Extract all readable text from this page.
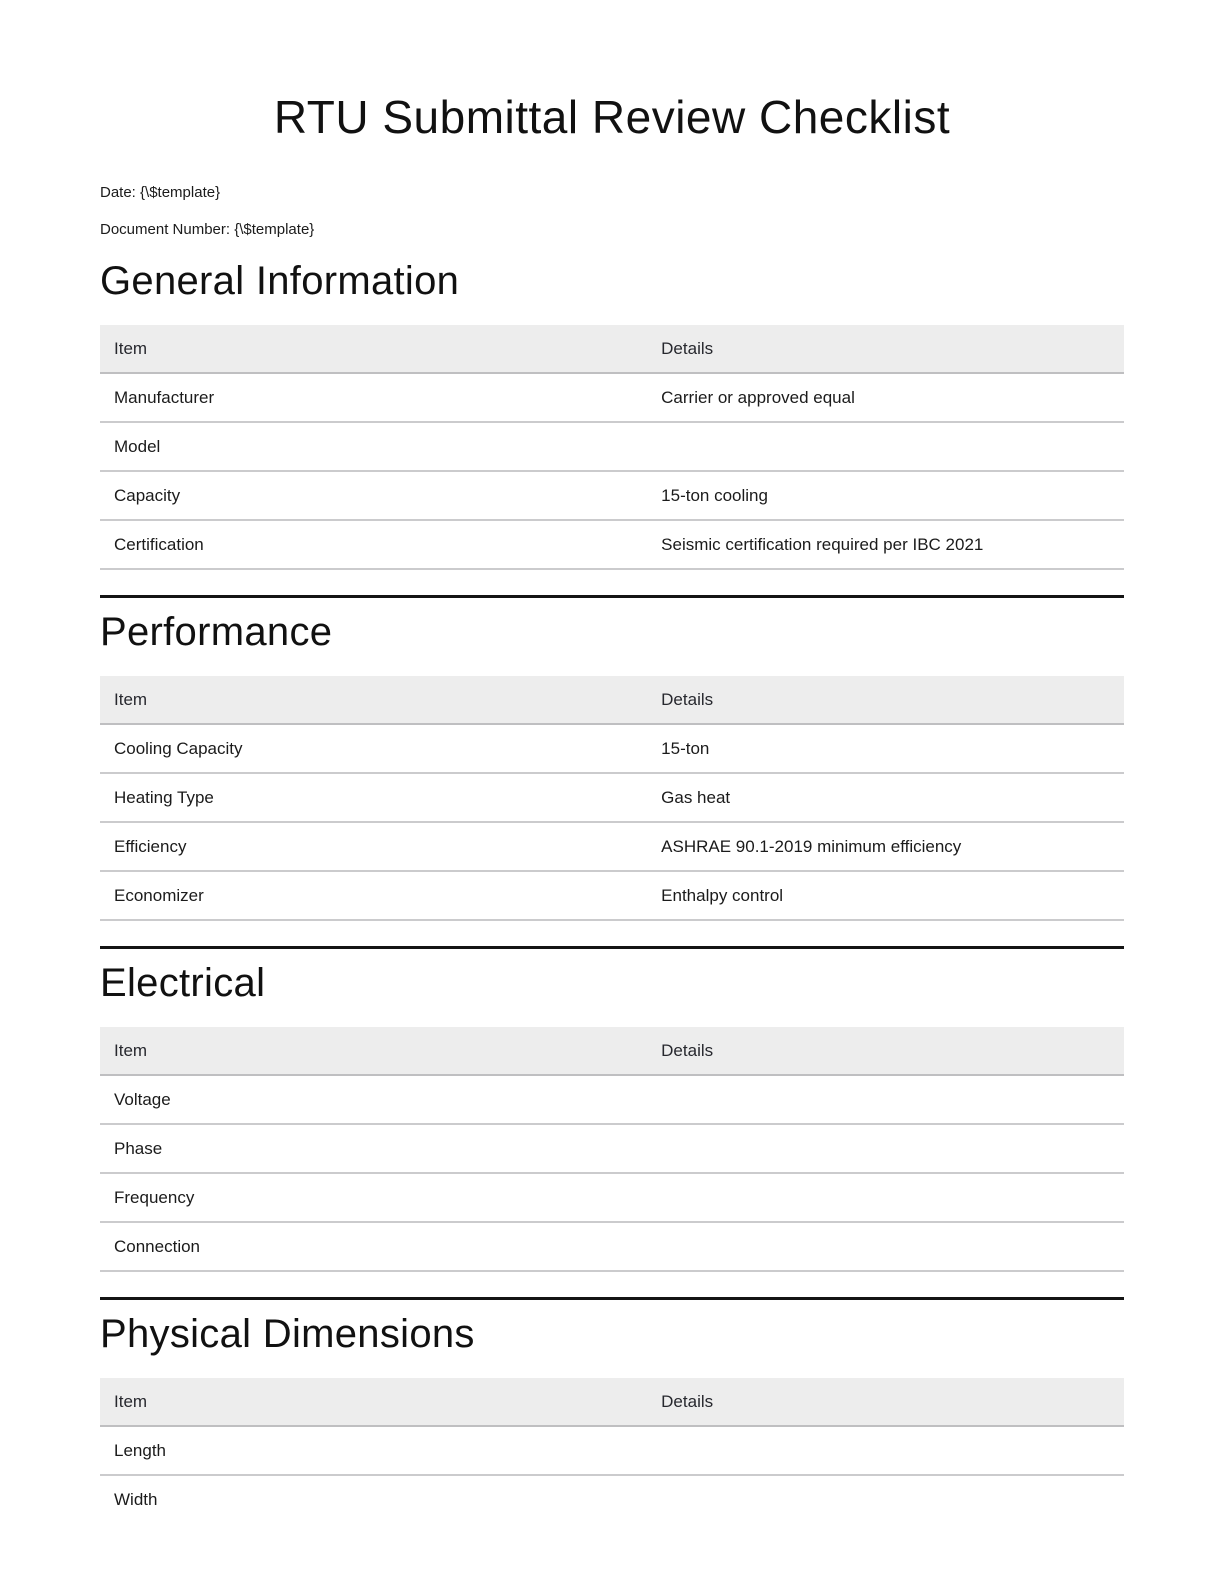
RTU Submittal Review Checklist

Date: {\$template}

Document Number: {\$template}

General Information
Item	Details
Manufacturer	Carrier or approved equal
Model	
Capacity	15-ton cooling
Certification	Seismic certification required per IBC 2021
Performance
Item	Details
Cooling Capacity	15-ton
Heating Type	Gas heat
Efficiency	ASHRAE 90.1-2019 minimum efficiency
Economizer	Enthalpy control
Electrical
Item	Details
Voltage	
Phase	
Frequency	
Connection	
Physical Dimensions
Item	Details
Length	
Width	
